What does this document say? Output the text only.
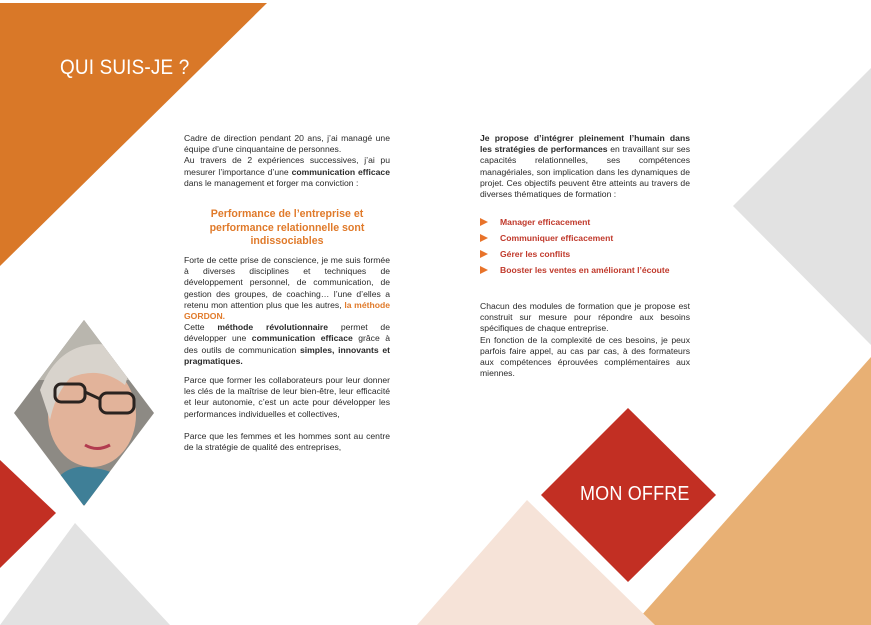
QUI SUIS-JE ?
MON OFFRE

Cadre de direction pendant 20 ans, j’ai managé une équipe d’une cinquantaine de personnes.

Au travers de 2 expériences successives, j’ai pu mesurer l’importance d’une communication efficace dans le management et forger ma conviction :

Performance de l’entreprise et performance relationnelle sont indissociables

Forte de cette prise de conscience, je me suis formée à diverses disciplines et techniques de développement personnel, de communication, de gestion des groupes, de coaching… l’une d’elles a retenu mon attention plus que les autres, la méthode GORDON.

Cette méthode révolutionnaire permet de développer une communication efficace grâce à des outils de communication simples, innovants et pragmatiques.

Parce que former les collaborateurs pour leur donner les clés de la maîtrise de leur bien-être, leur efficacité et leur autonomie, c’est un acte pour développer les performances individuelles et collectives,

Parce que les femmes et les hommes sont au centre de la stratégie de qualité des entreprises,

Je propose d’intégrer pleinement l’humain dans les stratégies de performances en travaillant sur ses capacités relationnelles, ses compétences managériales, son implication dans les dynamiques de projet. Ces objectifs peuvent être atteints au travers de diverses thématiques de formation :

Manager efficacement
Communiquer efficacement
Gérer les conflits
Booster les ventes en améliorant l’écoute

Chacun des modules de formation que je propose est construit sur mesure pour répondre aux besoins spécifiques de chaque entreprise.

En fonction de la complexité de ces besoins, je peux parfois faire appel, au cas par cas, à des formateurs aux compétences éprouvées complémentaires aux miennes.
